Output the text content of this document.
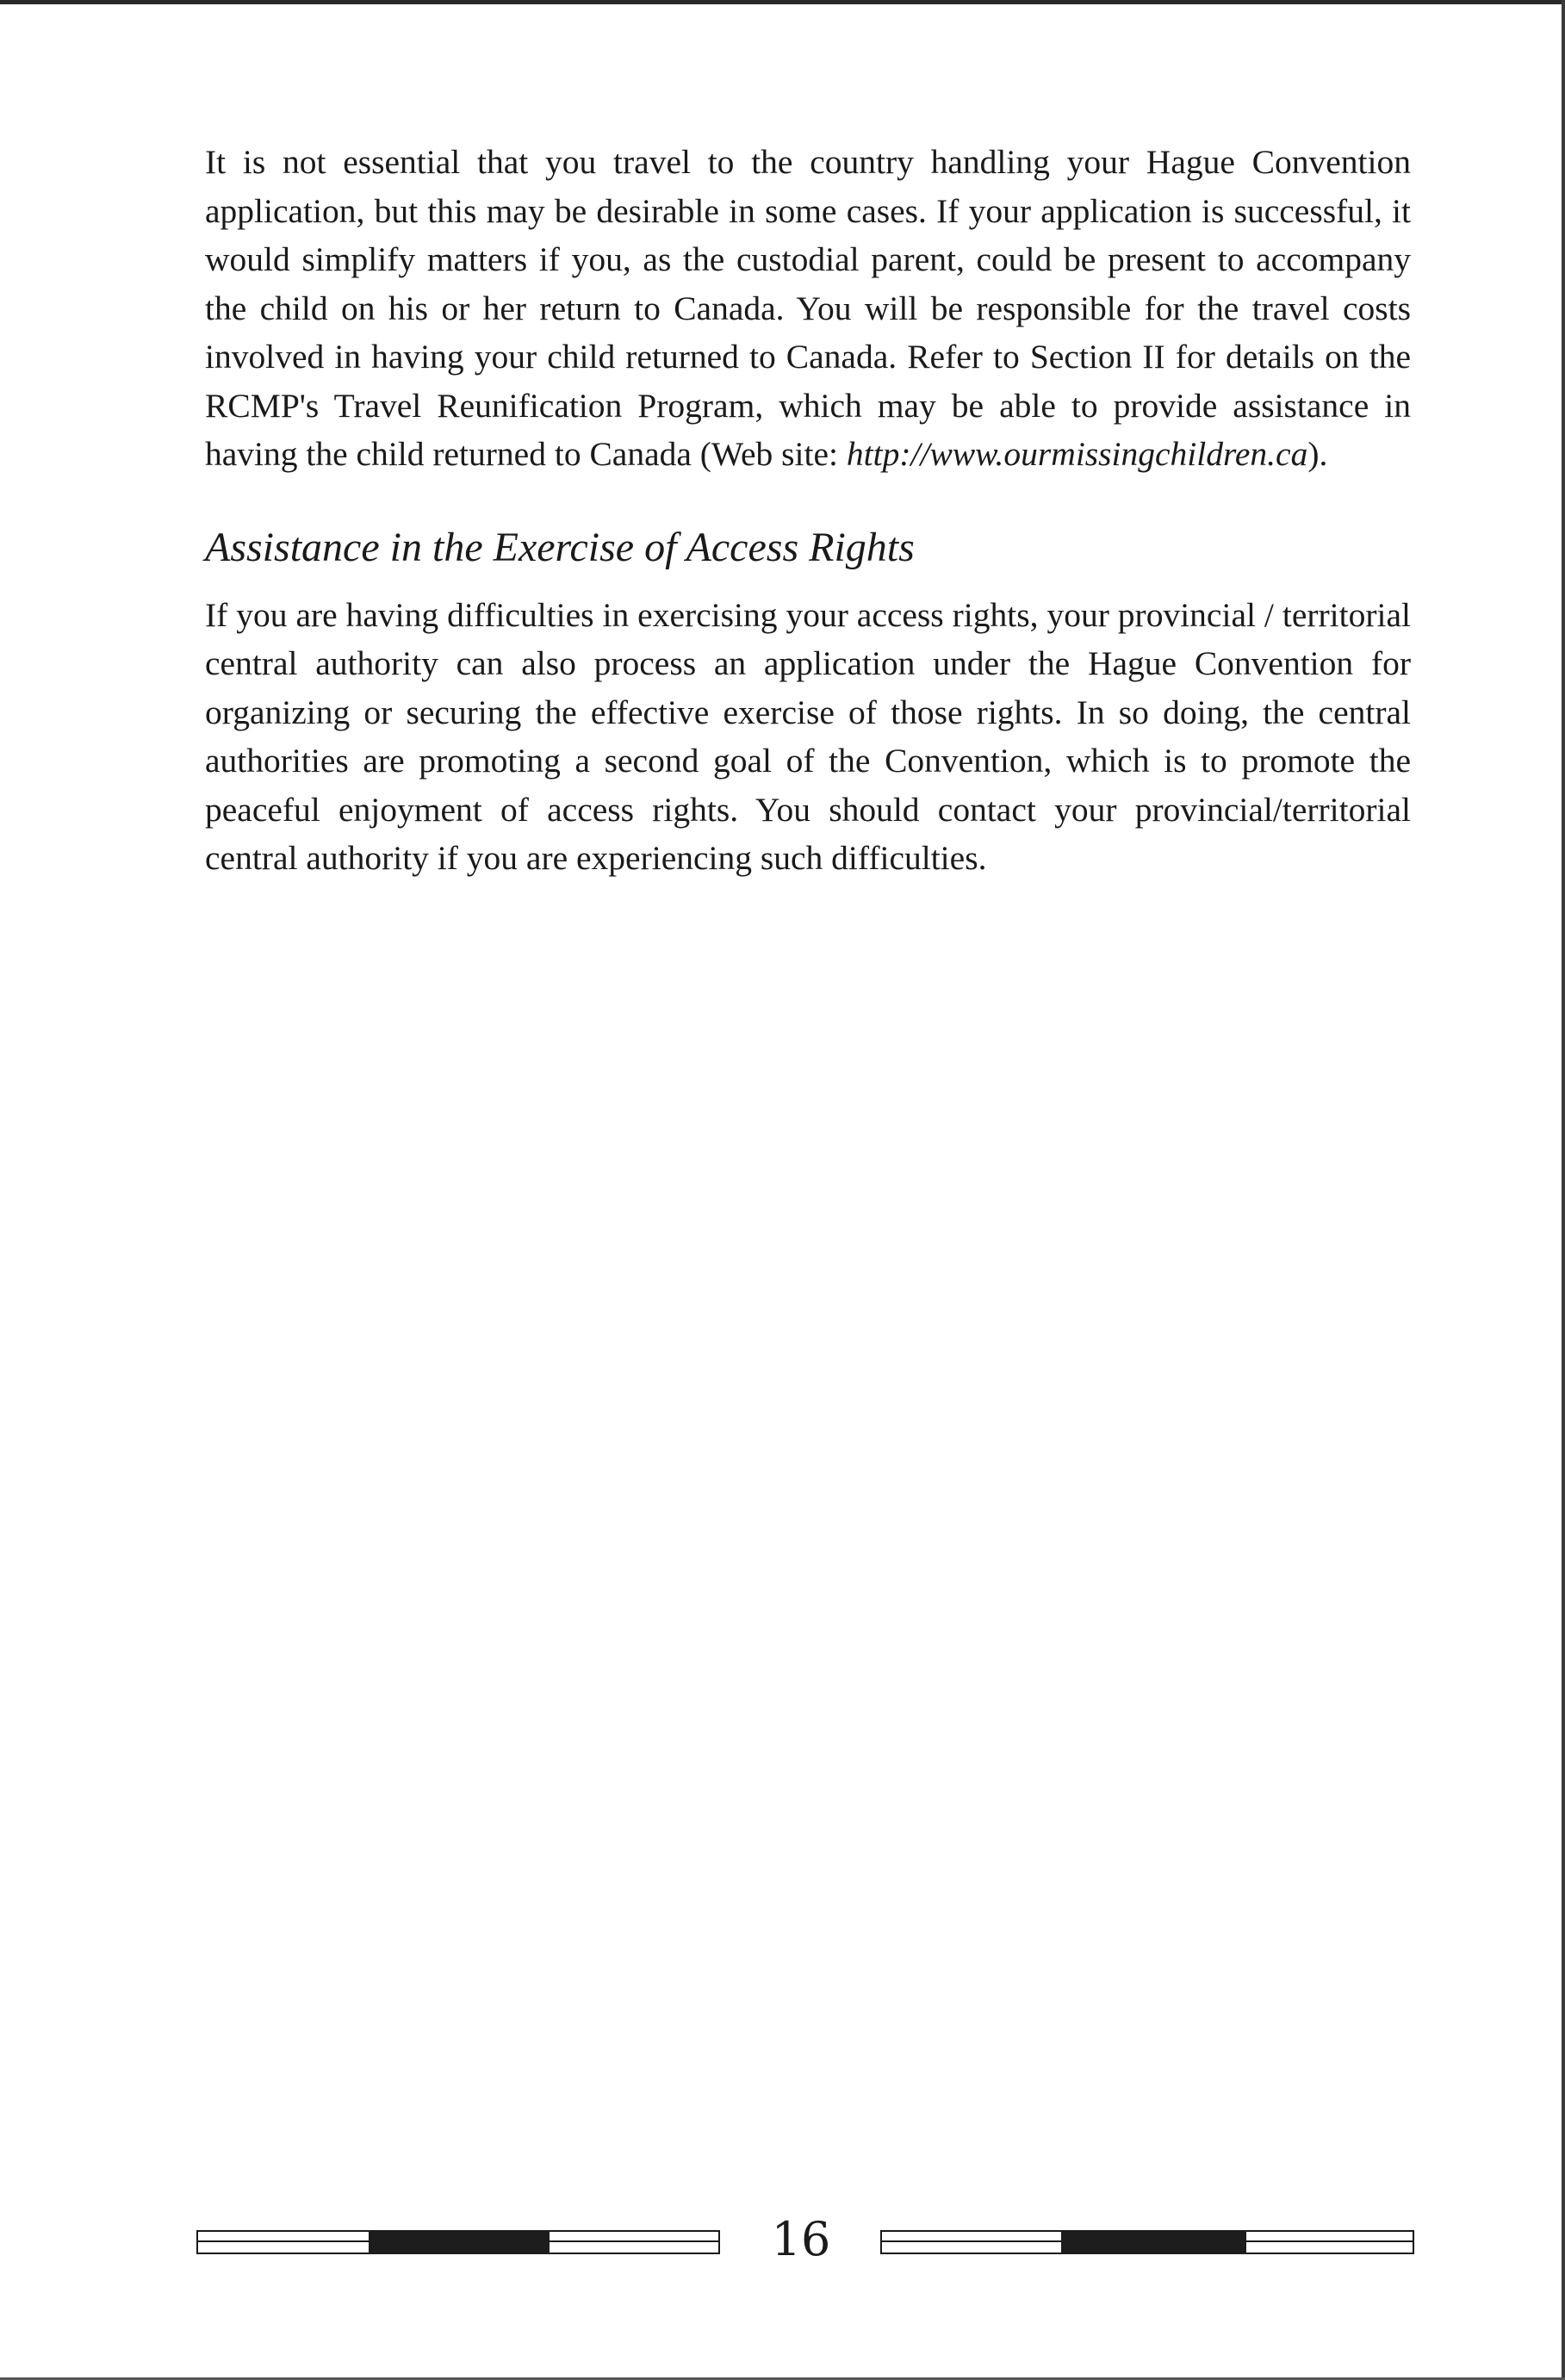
It is not essential that you travel to the country handling your Hague Convention application, but this may be desirable in some cases. If your application is successful, it would simplify matters if you, as the custodial parent, could be present to accompany the child on his or her return to Canada. You will be responsible for the travel costs involved in having your child returned to Canada. Refer to Section II for details on the RCMP's Travel Reunification Program, which may be able to provide assistance in having the child returned to Canada (Web site: http://www.ourmissingchildren.ca).

Assistance in the Exercise of Access Rights

If you are having difficulties in exercising your access rights, your provincial / territorial central authority can also process an application under the Hague Convention for organizing or securing the effective exercise of those rights. In so doing, the central authorities are promoting a second goal of the Convention, which is to promote the peaceful enjoyment of access rights. You should contact your provincial/territorial central authority if you are experiencing such difficulties.

16
